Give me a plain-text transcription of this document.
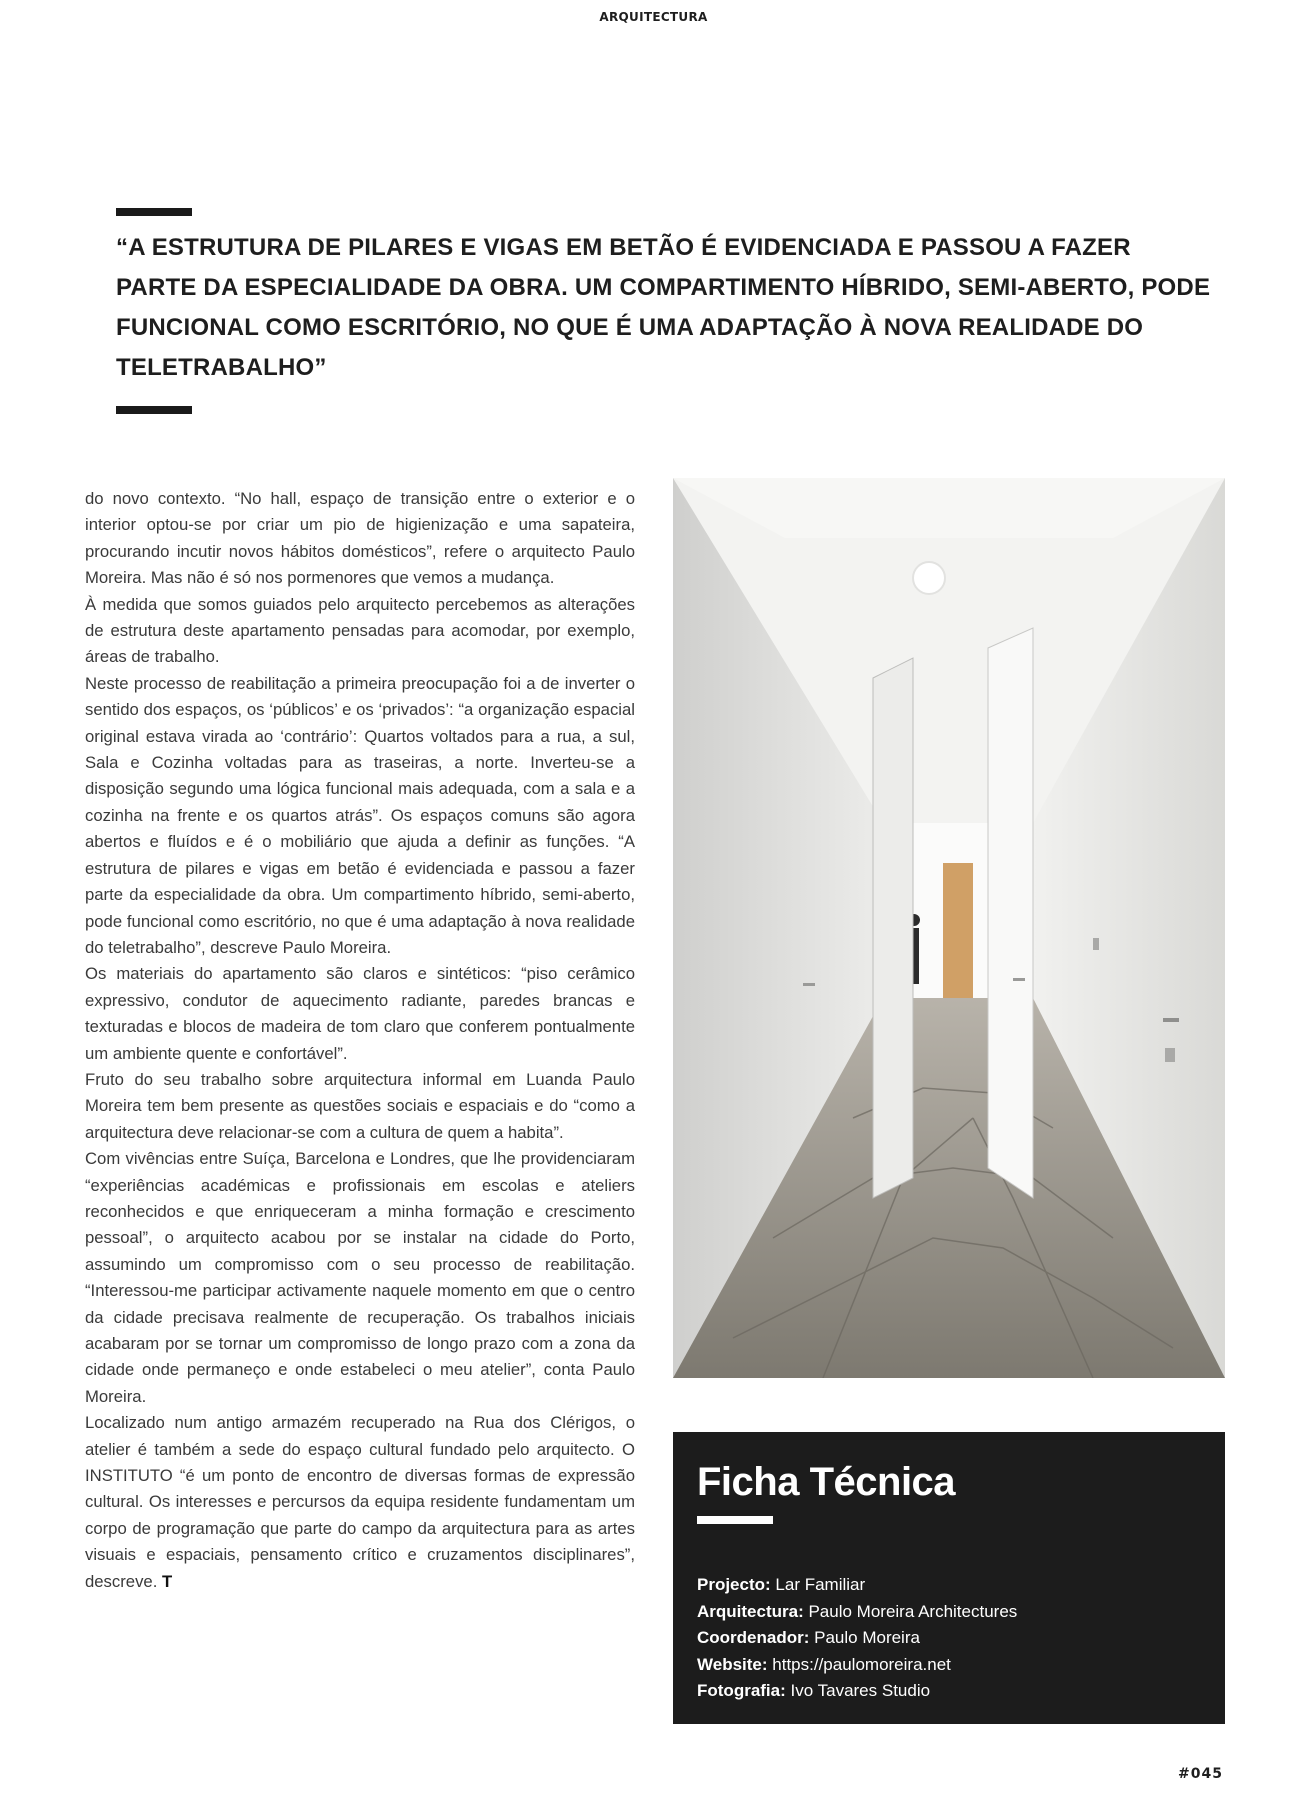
ARQUITECTURA

“A ESTRUTURA DE PILARES E VIGAS EM BETÃO É EVIDENCIADA E PASSOU A FAZER PARTE DA ESPECIALIDADE DA OBRA. UM COMPARTIMENTO HÍBRIDO, SEMI-ABERTO, PODE FUNCIONAL COMO ESCRITÓRIO, NO QUE É UMA ADAPTAÇÃO À NOVA REALIDADE DO TELETRABALHO”

do novo contexto. “No hall, espaço de transição entre o exterior e o interior optou-se por criar um pio de higienização e uma sapateira, procurando incutir novos hábitos domésticos”, refere o arquitecto Paulo Moreira. Mas não é só nos pormenores que vemos a mudança.

À medida que somos guiados pelo arquitecto percebemos as alterações de estrutura deste apartamento pensadas para acomodar, por exemplo, áreas de trabalho.

Neste processo de reabilitação a primeira preocupação foi a de inverter o sentido dos espaços, os ‘públicos’ e os ‘privados’: “a organização espacial original estava virada ao ‘contrário’: Quartos voltados para a rua, a sul, Sala e Cozinha voltadas para as traseiras, a norte. Inverteu-se a disposição segundo uma lógica funcional mais adequada, com a sala e a cozinha na frente e os quartos atrás”. Os espaços comuns são agora abertos e fluídos e é o mobiliário que ajuda a definir as funções. “A estrutura de pilares e vigas em betão é evidenciada e passou a fazer parte da especialidade da obra. Um compartimento híbrido, semi-aberto, pode funcional como escritório, no que é uma adaptação à nova realidade do teletrabalho”, descreve Paulo Moreira.

Os materiais do apartamento são claros e sintéticos: “piso cerâmico expressivo, condutor de aquecimento radiante, paredes brancas e texturadas e blocos de madeira de tom claro que conferem pontualmente um ambiente quente e confortável”.

Fruto do seu trabalho sobre arquitectura informal em Luanda Paulo Moreira tem bem presente as questões sociais e espaciais e do “como a arquitectura deve relacionar-se com a cultura de quem a habita”.

Com vivências entre Suíça, Barcelona e Londres, que lhe providenciaram “experiências académicas e profissionais em escolas e ateliers reconhecidos e que enriqueceram a minha formação e crescimento pessoal”, o arquitecto acabou por se instalar na cidade do Porto, assumindo um compromisso com o seu processo de reabilitação. “Interessou-me participar activamente naquele momento em que o centro da cidade precisava realmente de recuperação. Os trabalhos iniciais acabaram por se tornar um compromisso de longo prazo com a zona da cidade onde permaneço e onde estabeleci o meu atelier”, conta Paulo Moreira.

Localizado num antigo armazém recuperado na Rua dos Clérigos, o atelier é também a sede do espaço cultural fundado pelo arquitecto. O INSTITUTO “é um ponto de encontro de diversas formas de expressão cultural. Os interesses e percursos da equipa residente fundamentam um corpo de programação que parte do campo da arquitectura para as artes visuais e espaciais, pensamento crítico e cruzamentos disciplinares”, descreve. T

Ficha Técnica
Projecto: Lar Familiar
Arquitectura: Paulo Moreira Architectures
Coordenador: Paulo Moreira
Website: https://paulomoreira.net
Fotografia: Ivo Tavares Studio
#045
